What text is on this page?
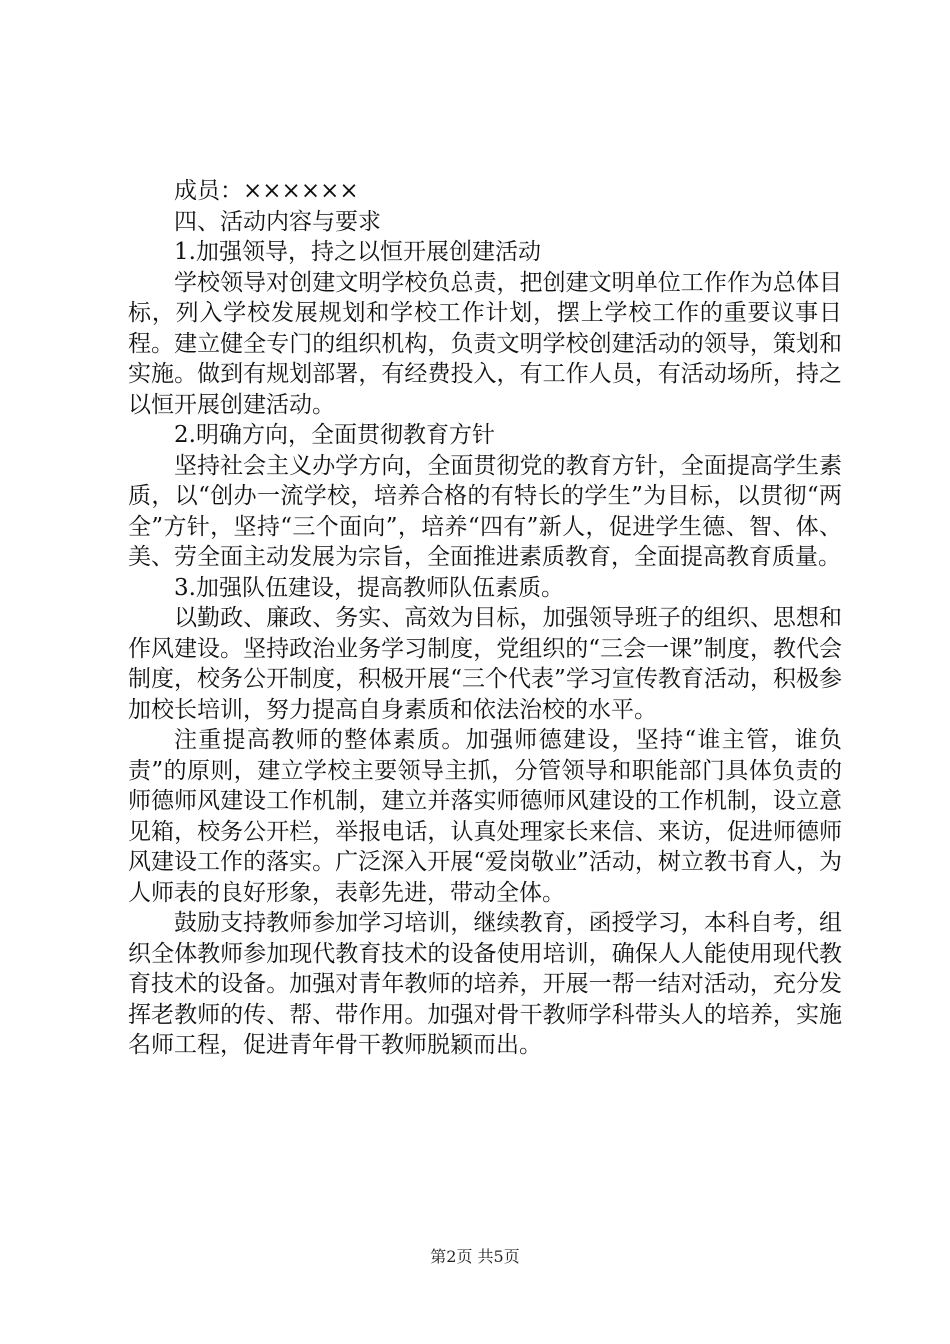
成员：××××××

四、活动内容与要求

1.加强领导，持之以恒开展创建活动

学校领导对创建文明学校负总责，把创建文明单位工作作为总体目标，列入学校发展规划和学校工作计划，摆上学校工作的重要议事日程。建立健全专门的组织机构，负责文明学校创建活动的领导，策划和实施。做到有规划部署，有经费投入，有工作人员，有活动场所，持之以恒开展创建活动。

2.明确方向，全面贯彻教育方针

坚持社会主义办学方向，全面贯彻党的教育方针，全面提高学生素质，以“创办一流学校，培养合格的有特长的学生”为目标，以贯彻“两全”方针，坚持“三个面向”，培养“四有”新人，促进学生德、智、体、美、劳全面主动发展为宗旨，全面推进素质教育，全面提高教育质量。

3.加强队伍建设，提高教师队伍素质。

以勤政、廉政、务实、高效为目标，加强领导班子的组织、思想和作风建设。坚持政治业务学习制度，党组织的“三会一课”制度，教代会制度，校务公开制度，积极开展“三个代表”学习宣传教育活动，积极参加校长培训，努力提高自身素质和依法治校的水平。

注重提高教师的整体素质。加强师德建设，坚持“谁主管，谁负责”的原则，建立学校主要领导主抓，分管领导和职能部门具体负责的师德师风建设工作机制，建立并落实师德师风建设的工作机制，设立意见箱，校务公开栏，举报电话，认真处理家长来信、来访，促进师德师风建设工作的落实。广泛深入开展“爱岗敬业”活动，树立教书育人，为人师表的良好形象，表彰先进，带动全体。

鼓励支持教师参加学习培训，继续教育，函授学习，本科自考，组织全体教师参加现代教育技术的设备使用培训，确保人人能使用现代教育技术的设备。加强对青年教师的培养，开展一帮一结对活动，充分发挥老教师的传、帮、带作用。加强对骨干教师学科带头人的培养，实施名师工程，促进青年骨干教师脱颖而出。

第2页 共5页
